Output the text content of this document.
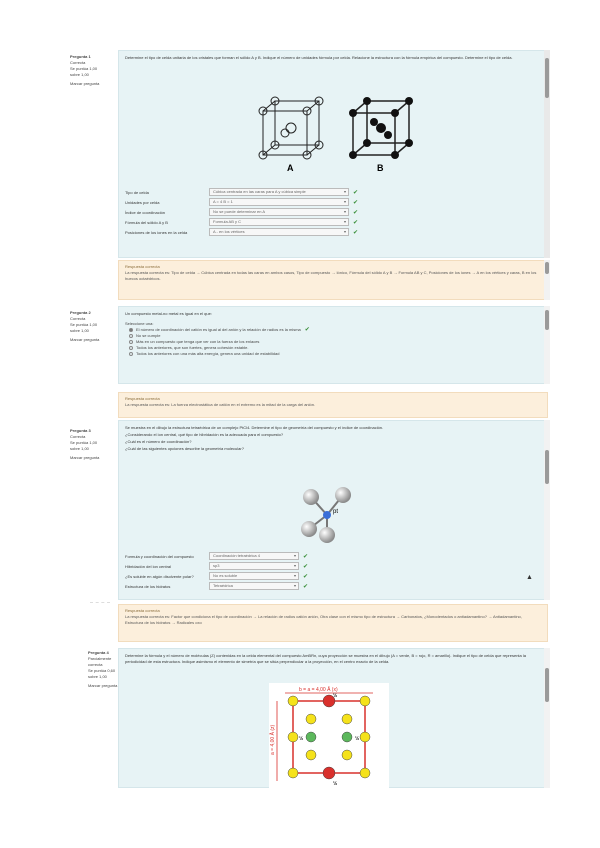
Pregunta 1
Correcta
Se puntúa 1,00
sobre 1,00
Marcar pregunta
Determine el tipo de celda unitaria de los cristales que forman el sólido A y B. Indique el número de unidades fórmula por celda. Relacione la estructura con la fórmula empírica del compuesto. Determine el tipo de celda.
A	B
Tipo de celda	Cúbica centrada en las caras para A y cúbica simple ▾	✔
Unidades por celda	A = 4 B = 1 ▾	✔
Índice de coordinación	No se puede determinar en A ▾	✔
Fórmula del sólido A y B	Formula AB y C ▾	✔
Posiciones de los iones en la celda	A - en los vértices ▾	✔
Respuesta correcta
La respuesta correcta es: Tipo de celda → Cúbica centrada en todas las caras en ambos casos, Tipo de compuesto → Iónico, Fórmula del sólido A y B → Formula AB y C, Posiciones de los iones → A en los vértices y caras, B en los huecos octaédricos.
Pregunta 2
Correcta
Se puntúa 1,00
sobre 1,00
Marcar pregunta
Un compuesto metal-no metal es igual en el que:
Seleccione una:
El número de coordinación del catión es igual al del anión y la relación de radios es la misma ✔
No se cumple
Más en un compuesto que tenga que ver con la fuerza de los enlaces
Todos los anteriores, que son fuertes, genera cohesión estable.
Todos los anteriores con una más alta energía, genera una unidad de estabilidad
Respuesta correcta
La respuesta correcta es: La fuerza electrostática de catión en el extremo es la mitad de la carga del anión.
Pregunta 3
Correcta
Se puntúa 1,00
sobre 1,00
Marcar pregunta
Se muestra en el dibujo la estructura tetraédrica de un complejo PtCl4. Determine el tipo de geometría del compuesto y el índice de coordinación.
¿Considerando el ion central, qué tipo de hibridación es la adecuada para el compuesto?
¿Cuál es el número de coordinación?
¿Cuál de las siguientes opciones describe la geometría molecular?
pt
Formula y coordinación del compuesto	Coordinación tetraédrica 4 ▾	✔
Hibridación del ion central	sp3 ▾	✔
¿Es soluble en algún disolvente polar?	No es soluble ▾	✔
Estructura de los hidratos	Tetraédrica ▾	✔
▲
Respuesta correcta
La respuesta correcta es: Factor que condiciona el tipo de coordinación → La relación de radios catión anión, Otra clase con el mismo tipo de estructura → Carbonatos, ¿Monodentados o antiadamantino? → Antiadamantino, Estructura de los hidratos → Radicales oxo
Pregunta 4
Parcialmente
correcta
Se puntúa 0,60
sobre 1,00
Marcar pregunta
Determine la fórmula y el número de moléculas (Z) contenidas en la celda elemental del compuesto AmBRn, cuya proyección se muestra en el dibujo (A = verde, B = rojo, R = amarillo). Indique el tipo de celda que representa la periodicidad de esta estructura. Indique asimismo el elemento de simetría que se sitúa perpendicular a la proyección, en el centro exacto de la celda.
b = a = 4,00 Å (x)
a = 4,00 Å (z)
½
½
½	½
